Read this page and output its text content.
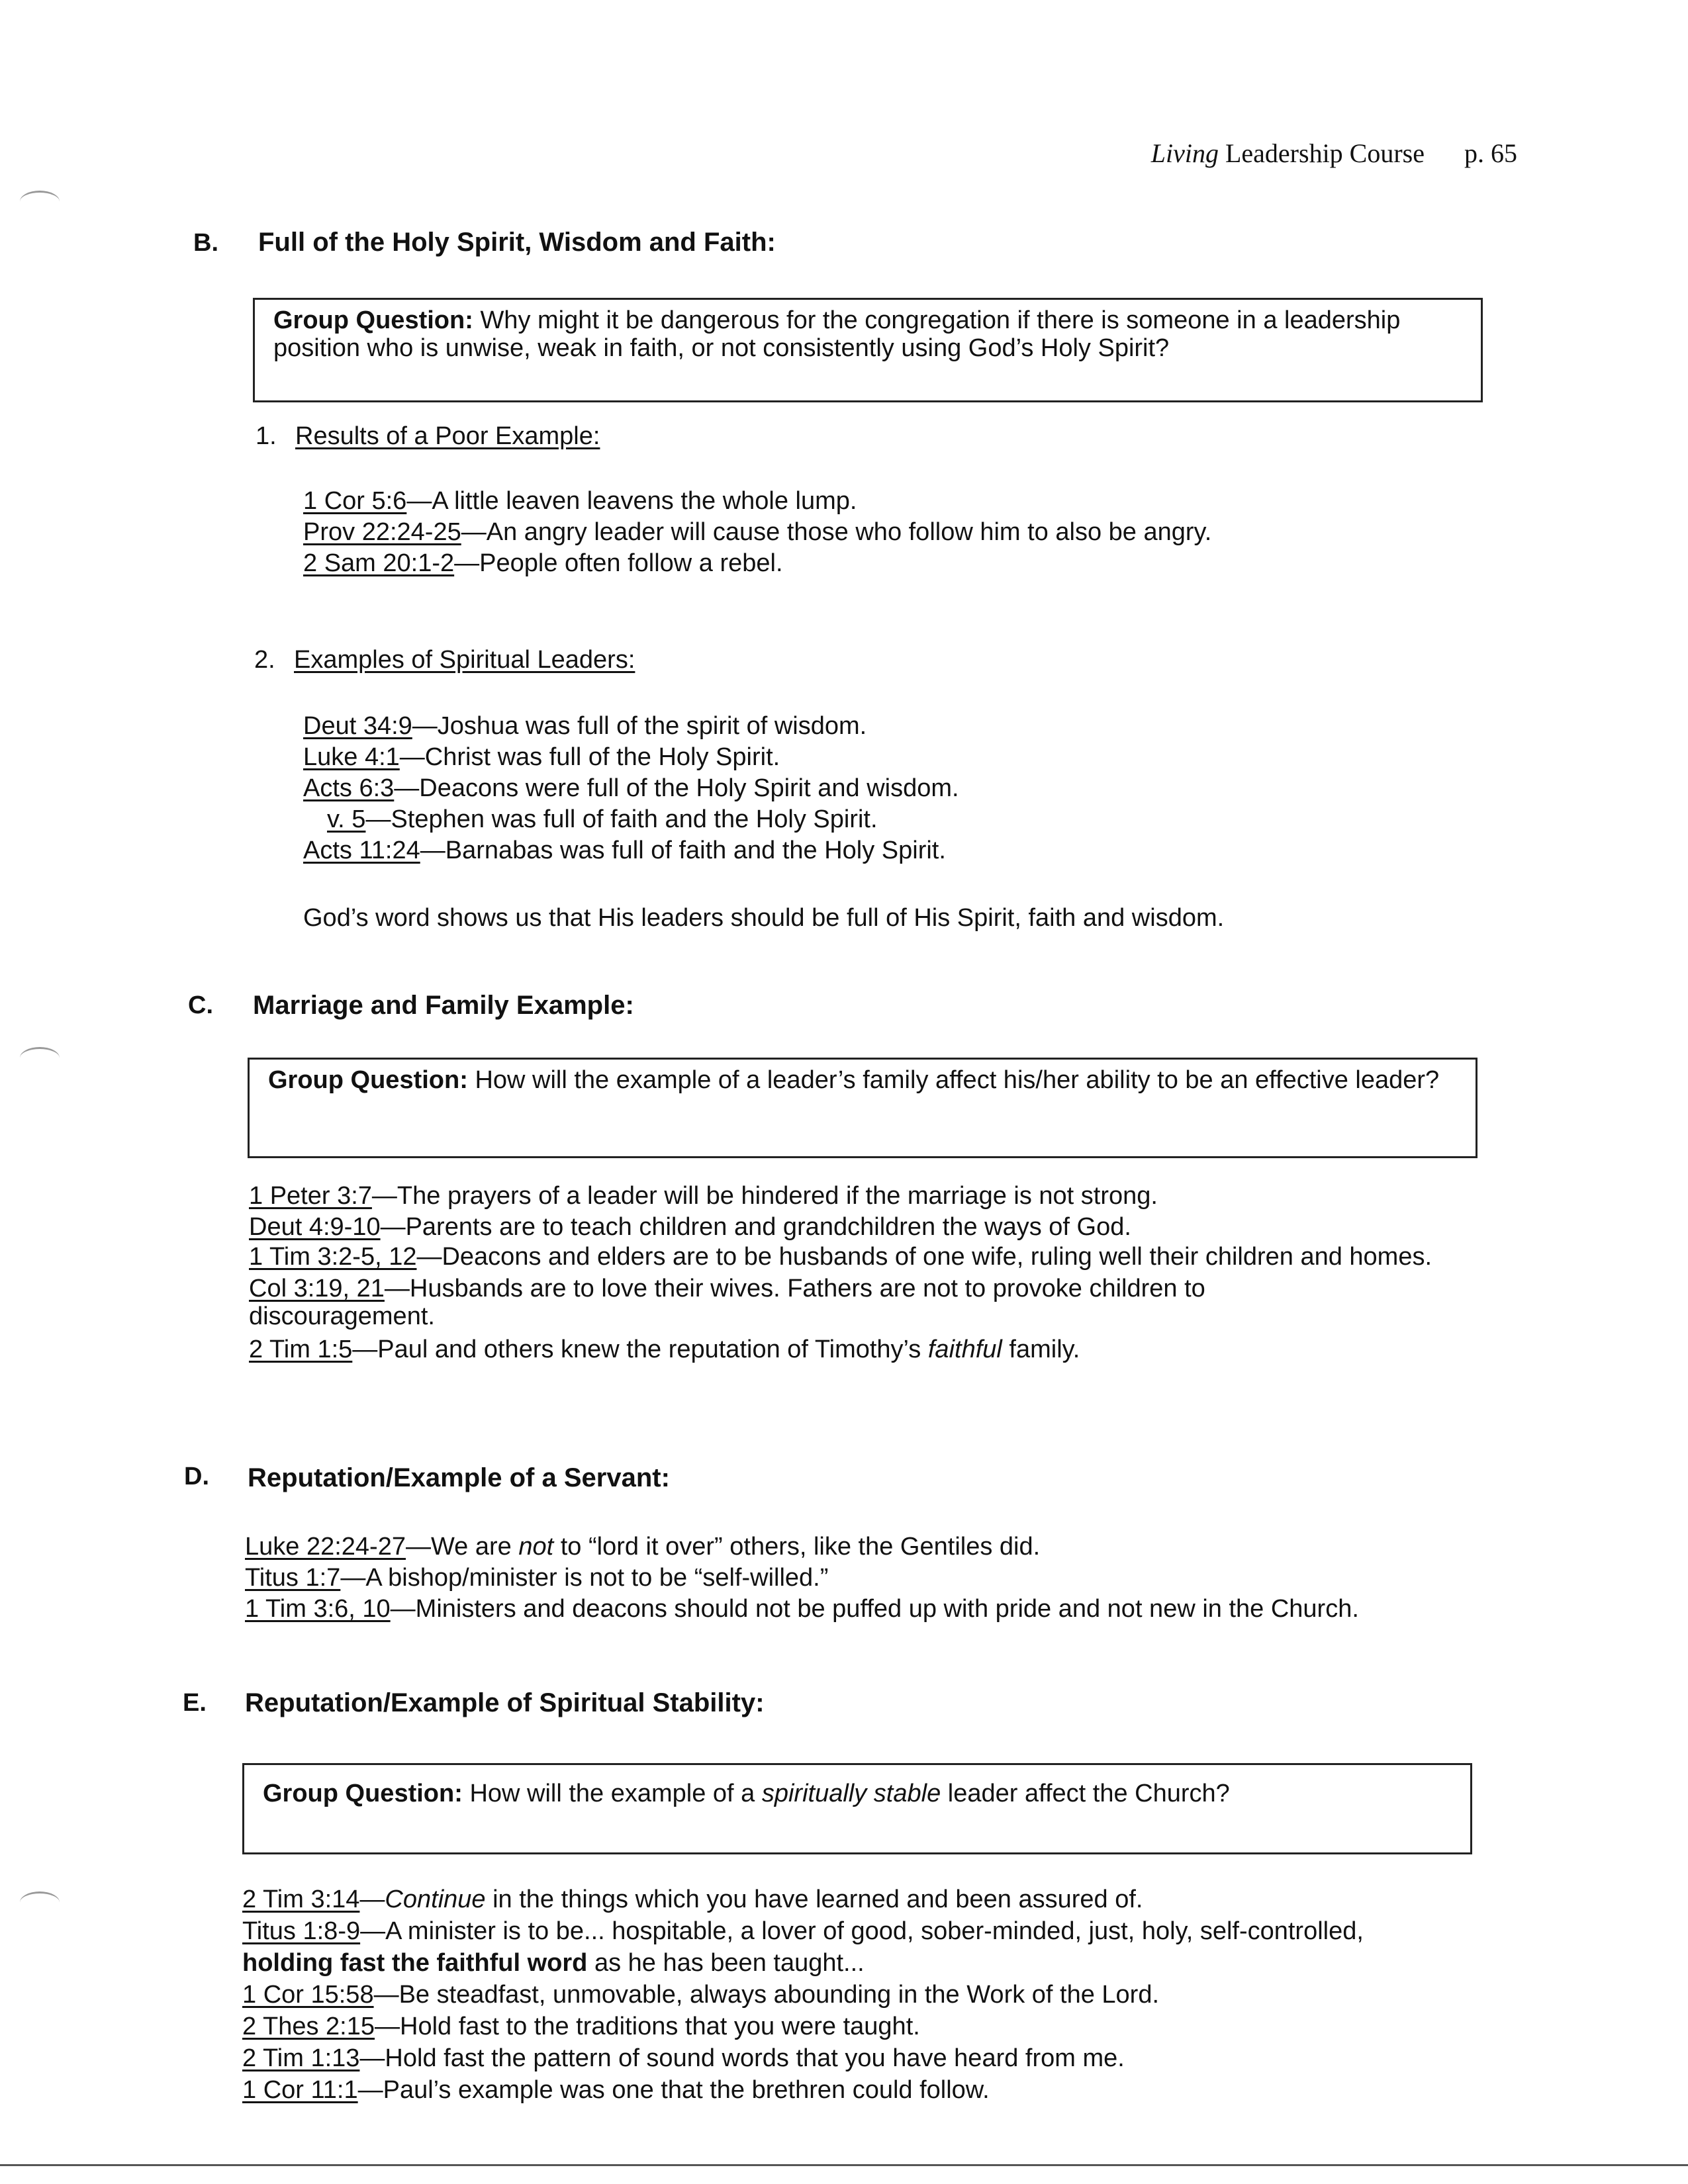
Living Leadership Course p. 65
B. Full of the Holy Spirit, Wisdom and Faith:
Group Question: Why might it be dangerous for the congregation if there is someone in a leadership position who is unwise, weak in faith, or not consistently using God’s Holy Spirit?
1. Results of a Poor Example:
1 Cor 5:6—A little leaven leavens the whole lump.
Prov 22:24-25—An angry leader will cause those who follow him to also be angry.
2 Sam 20:1-2—People often follow a rebel.
2. Examples of Spiritual Leaders:
Deut 34:9—Joshua was full of the spirit of wisdom.
Luke 4:1—Christ was full of the Holy Spirit.
Acts 6:3—Deacons were full of the Holy Spirit and wisdom.
v. 5—Stephen was full of faith and the Holy Spirit.
Acts 11:24—Barnabas was full of faith and the Holy Spirit.
God’s word shows us that His leaders should be full of His Spirit, faith and wisdom.
C. Marriage and Family Example:
Group Question: How will the example of a leader’s family affect his/her ability to be an effective leader?
1 Peter 3:7—The prayers of a leader will be hindered if the marriage is not strong.
Deut 4:9-10—Parents are to teach children and grandchildren the ways of God.
1 Tim 3:2-5, 12—Deacons and elders are to be husbands of one wife, ruling well their children and homes.
Col 3:19, 21—Husbands are to love their wives. Fathers are not to provoke children to discouragement.
2 Tim 1:5—Paul and others knew the reputation of Timothy’s faithful family.
D. Reputation/Example of a Servant:
Luke 22:24-27—We are not to “lord it over” others, like the Gentiles did.
Titus 1:7—A bishop/minister is not to be “self-willed.”
1 Tim 3:6, 10—Ministers and deacons should not be puffed up with pride and not new in the Church.
E. Reputation/Example of Spiritual Stability:
Group Question: How will the example of a spiritually stable leader affect the Church?
2 Tim 3:14—Continue in the things which you have learned and been assured of.
Titus 1:8-9—A minister is to be... hospitable, a lover of good, sober-minded, just, holy, self-controlled,
holding fast the faithful word as he has been taught...
1 Cor 15:58—Be steadfast, unmovable, always abounding in the Work of the Lord.
2 Thes 2:15—Hold fast to the traditions that you were taught.
2 Tim 1:13—Hold fast the pattern of sound words that you have heard from me.
1 Cor 11:1—Paul’s example was one that the brethren could follow.
